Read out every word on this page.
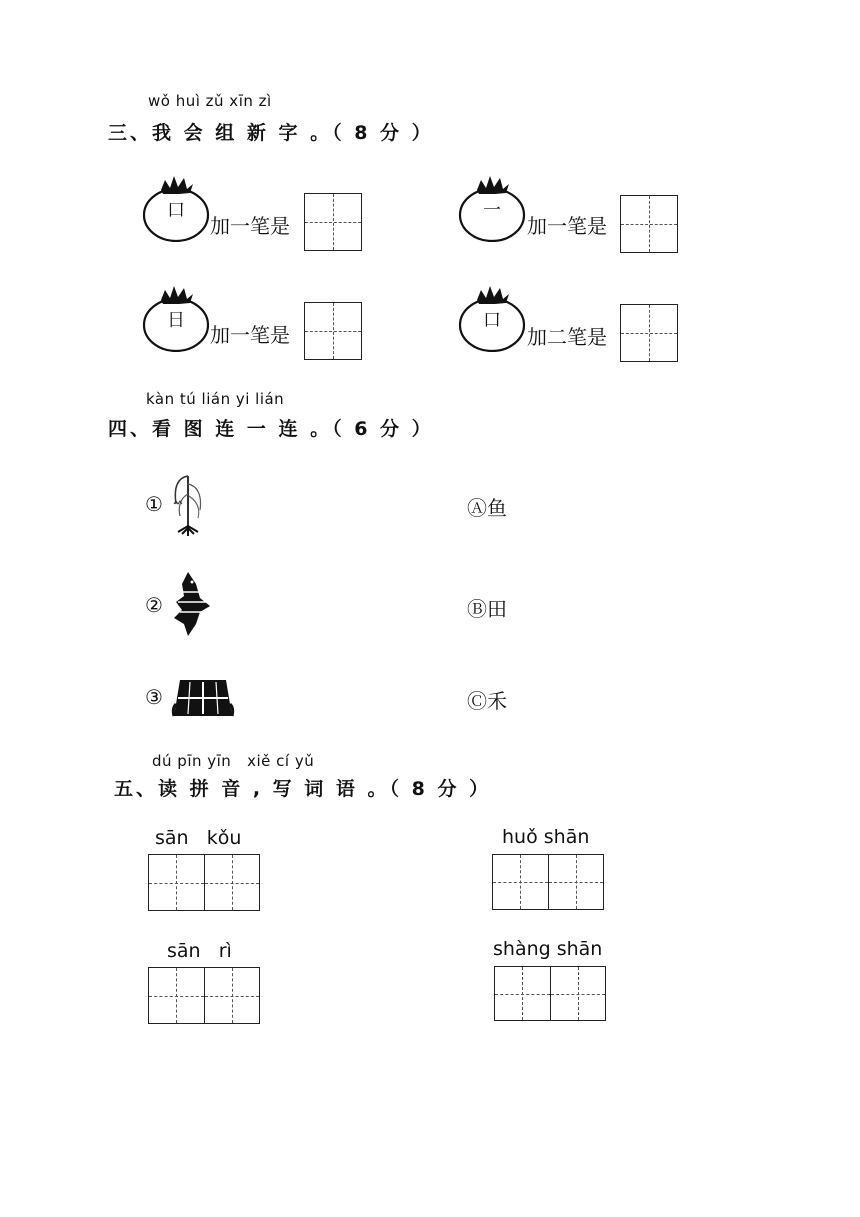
wǒ huì zǔ xīn zì
三、我 会 组 新 字 。（ 8 分 ）
口
加一笔是
一
加一笔是
日
加一笔是
口
加二笔是
kàn tú lián yi lián
四、看 图 连 一 连 。（ 6 分 ）
①	Ⓐ鱼
②	Ⓑ田
③	Ⓒ禾
dú pīn yīn   xiě cí yǔ
五、读 拼 音 , 写 词 语 。（ 8 分 ）
sān   kǒu	huǒ shān
sān   rì	shàng shān
